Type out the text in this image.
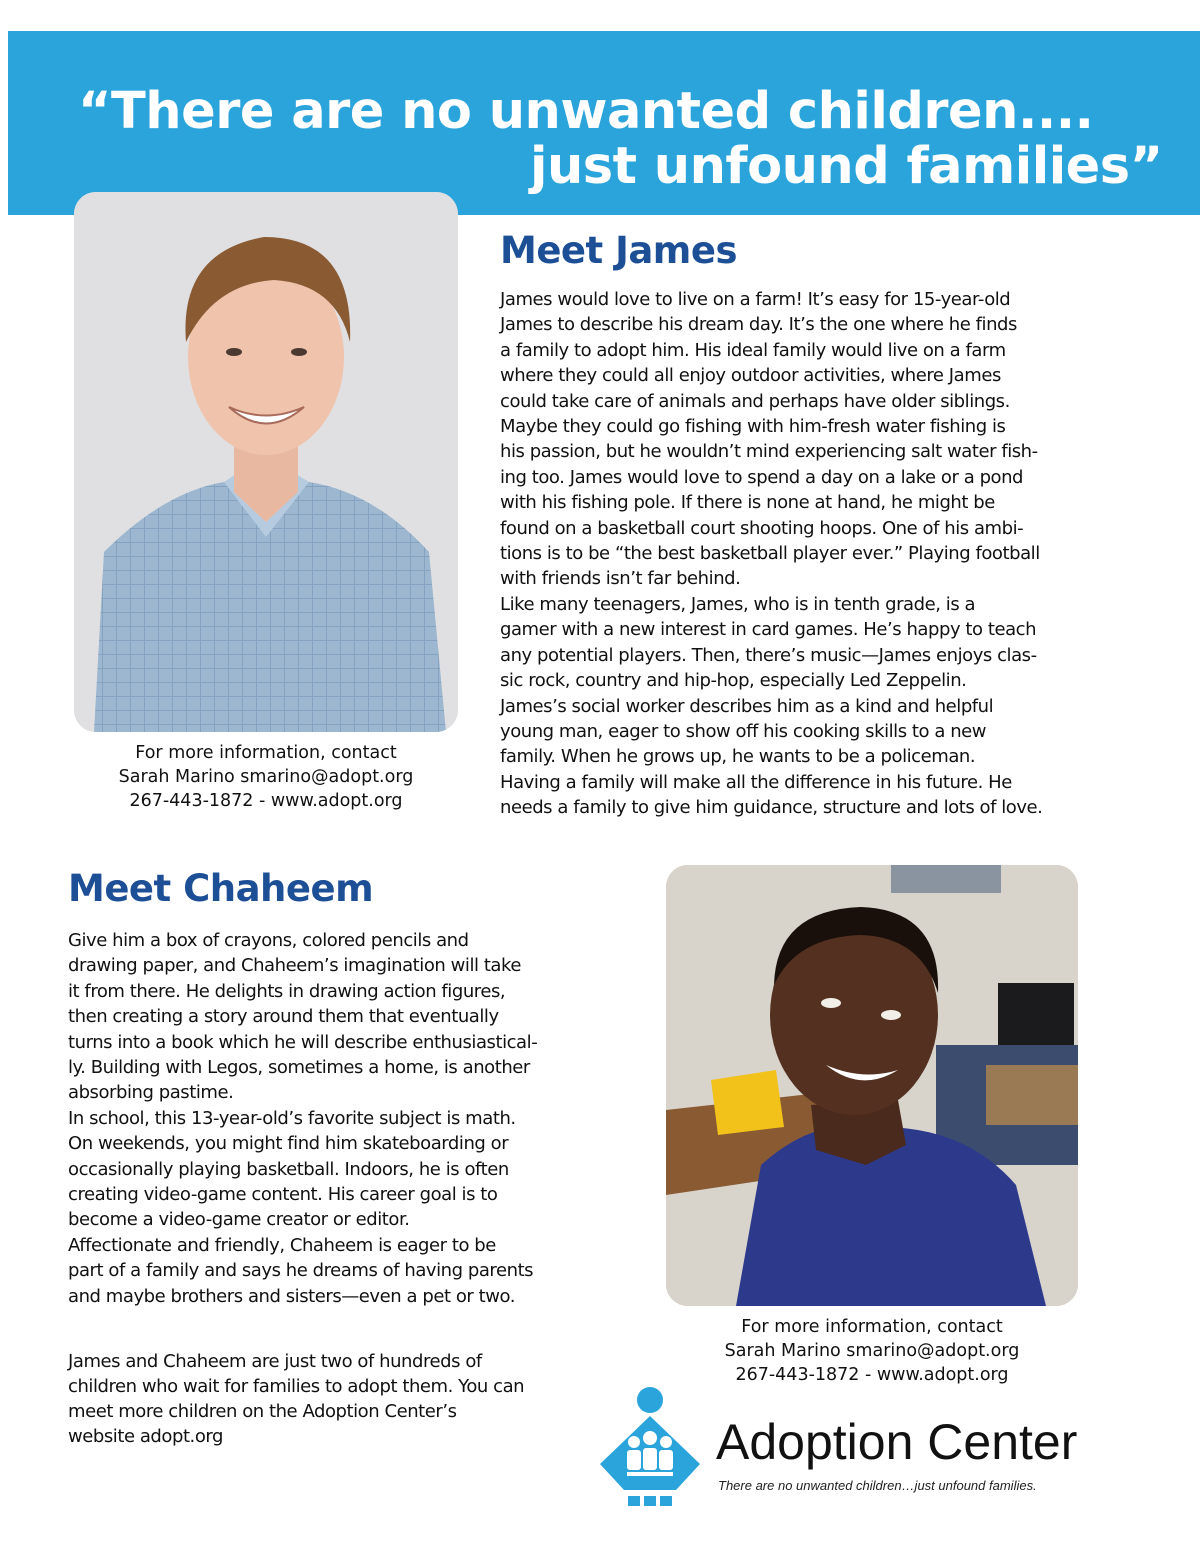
“There are no unwanted children....
just unfound families”
For more information, contact
Sarah Marino smarino@adopt.org
267-443-1872 - www.adopt.org
Meet James

James would love to live on a farm! It’s easy for 15-year-old

James to describe his dream day. It’s the one where he finds

a family to adopt him. His ideal family would live on a farm

where they could all enjoy outdoor activities, where James

could take care of animals and perhaps have older siblings.

Maybe they could go fishing with him-fresh water fishing is

his passion, but he wouldn’t mind experiencing salt water fish-

ing too. James would love to spend a day on a lake or a pond

with his fishing pole. If there is none at hand, he might be

found on a basketball court shooting hoops. One of his ambi-

tions is to be “the best basketball player ever.” Playing football

with friends isn’t far behind.

Like many teenagers, James, who is in tenth grade, is a

gamer with a new interest in card games. He’s happy to teach

any potential players. Then, there’s music—James enjoys clas-

sic rock, country and hip-hop, especially Led Zeppelin.

James’s social worker describes him as a kind and helpful

young man, eager to show off his cooking skills to a new

family. When he grows up, he wants to be a policeman.

Having a family will make all the difference in his future. He

needs a family to give him guidance, structure and lots of love.

Meet Chaheem

Give him a box of crayons, colored pencils and

drawing paper, and Chaheem’s imagination will take

it from there. He delights in drawing action figures,

then creating a story around them that eventually

turns into a book which he will describe enthusiastical-

ly. Building with Legos, sometimes a home, is another

absorbing pastime.

In school, this 13-year-old’s favorite subject is math.

On weekends, you might find him skateboarding or

occasionally playing basketball. Indoors, he is often

creating video-game content. His career goal is to

become a video-game creator or editor.

Affectionate and friendly, Chaheem is eager to be

part of a family and says he dreams of having parents

and maybe brothers and sisters—even a pet or two.

For more information, contact
Sarah Marino smarino@adopt.org
267-443-1872 - www.adopt.org

James and Chaheem are just two of hundreds of

children who wait for families to adopt them. You can

meet more children on the Adoption Center’s

website adopt.org	Adoption Center
There are no unwanted children…just unfound families.
